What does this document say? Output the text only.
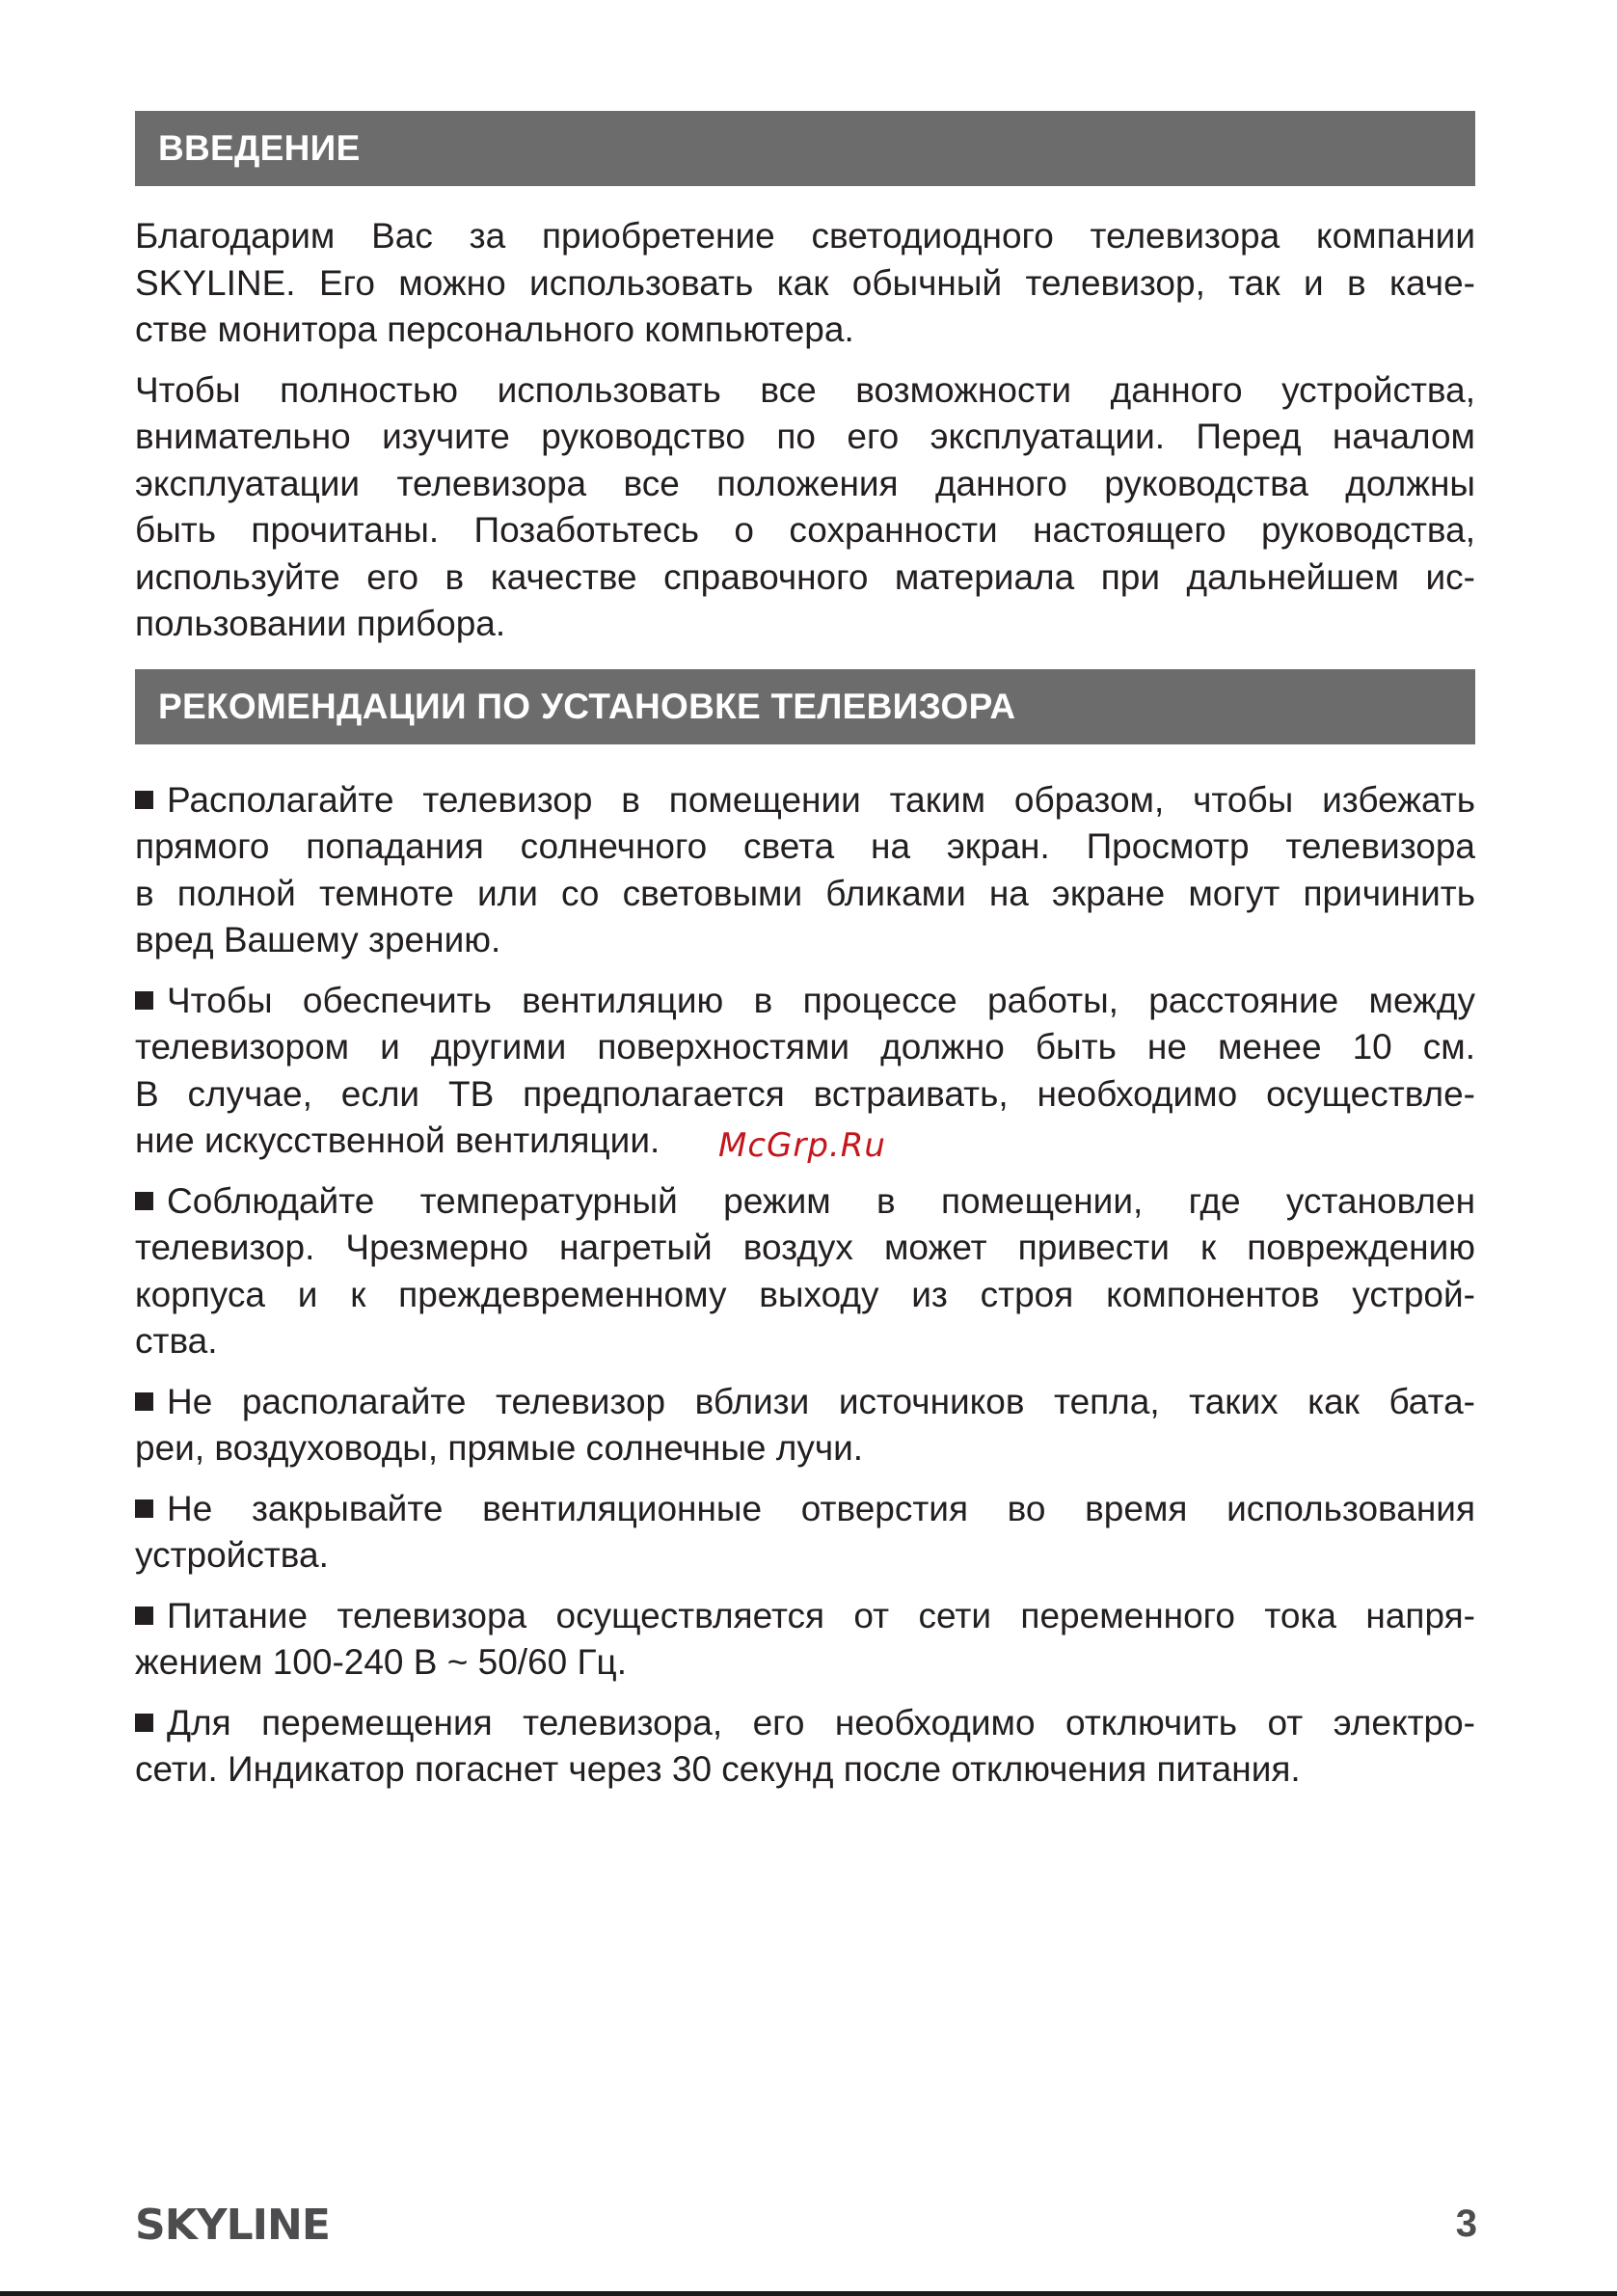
ВВЕДЕНИЕ
Благодарим Вас за приобретение светодиодного телевизора компании
SKYLINE. Его можно использовать как обычный телевизор, так и в каче-
стве монитора персонального компьютера.
Чтобы полностью использовать все возможности данного устройства,
внимательно изучите руководство по его эксплуатации. Перед началом
эксплуатации телевизора все положения данного руководства должны
быть прочитаны. Позаботьтесь о сохранности настоящего руководства,
используйте его в качестве справочного материала при дальнейшем ис-
пользовании прибора.
РЕКОМЕНДАЦИИ ПО УСТАНОВКЕ ТЕЛЕВИЗОРА
Располагайте телевизор в помещении таким образом, чтобы избежать
прямого попадания солнечного света на экран. Просмотр телевизора
в полной темноте или со световыми бликами на экране могут причинить
вред Вашему зрению.
Чтобы обеспечить вентиляцию в процессе работы, расстояние между
телевизором и другими поверхностями должно быть не менее 10 см.
В случае, если ТВ предполагается встраивать, необходимо осуществле-
ние искусственной вентиляции.
Соблюдайте температурный режим в помещении, где установлен
телевизор. Чрезмерно нагретый воздух может привести к повреждению
корпуса и к преждевременному выходу из строя компонентов устрой-
ства.
Не располагайте телевизор вблизи источников тепла, таких как бата-
реи, воздуховоды, прямые солнечные лучи.
Не закрывайте вентиляционные отверстия во время использования
устройства.
Питание телевизора осуществляется от сети переменного тока напря-
жением 100-240 В ~ 50/60 Гц.
Для перемещения телевизора, его необходимо отключить от электро-
сети. Индикатор погаснет через 30 секунд после отключения питания.
McGrp.Ru
SKYLINE	3
